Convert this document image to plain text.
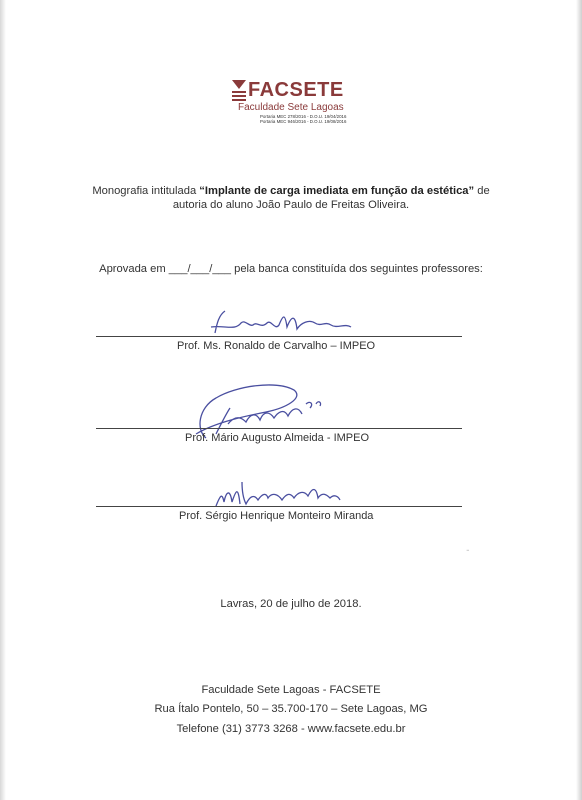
FACSETE
Faculdade Sete Lagoas
Portaria MEC 278/2016 - D.O.U. 19/04/2016
Portaria MEC 946/2016 - D.O.U. 19/08/2016
Monografia intitulada “Implante de carga imediata em função da estética” de
autoria do aluno João Paulo de Freitas Oliveira.
Aprovada em ___/___/___ pela banca constituída dos seguintes professores:
Prof. Ms. Ronaldo de Carvalho – IMPEO
Prof. Mário Augusto Almeida - IMPEO
Prof. Sérgio Henrique Monteiro Miranda
ᐨ
Lavras, 20 de julho de 2018.
Faculdade Sete Lagoas - FACSETE
Rua Ítalo Pontelo, 50 – 35.700-170 – Sete Lagoas, MG
Telefone (31) 3773 3268 - www.facsete.edu.br
